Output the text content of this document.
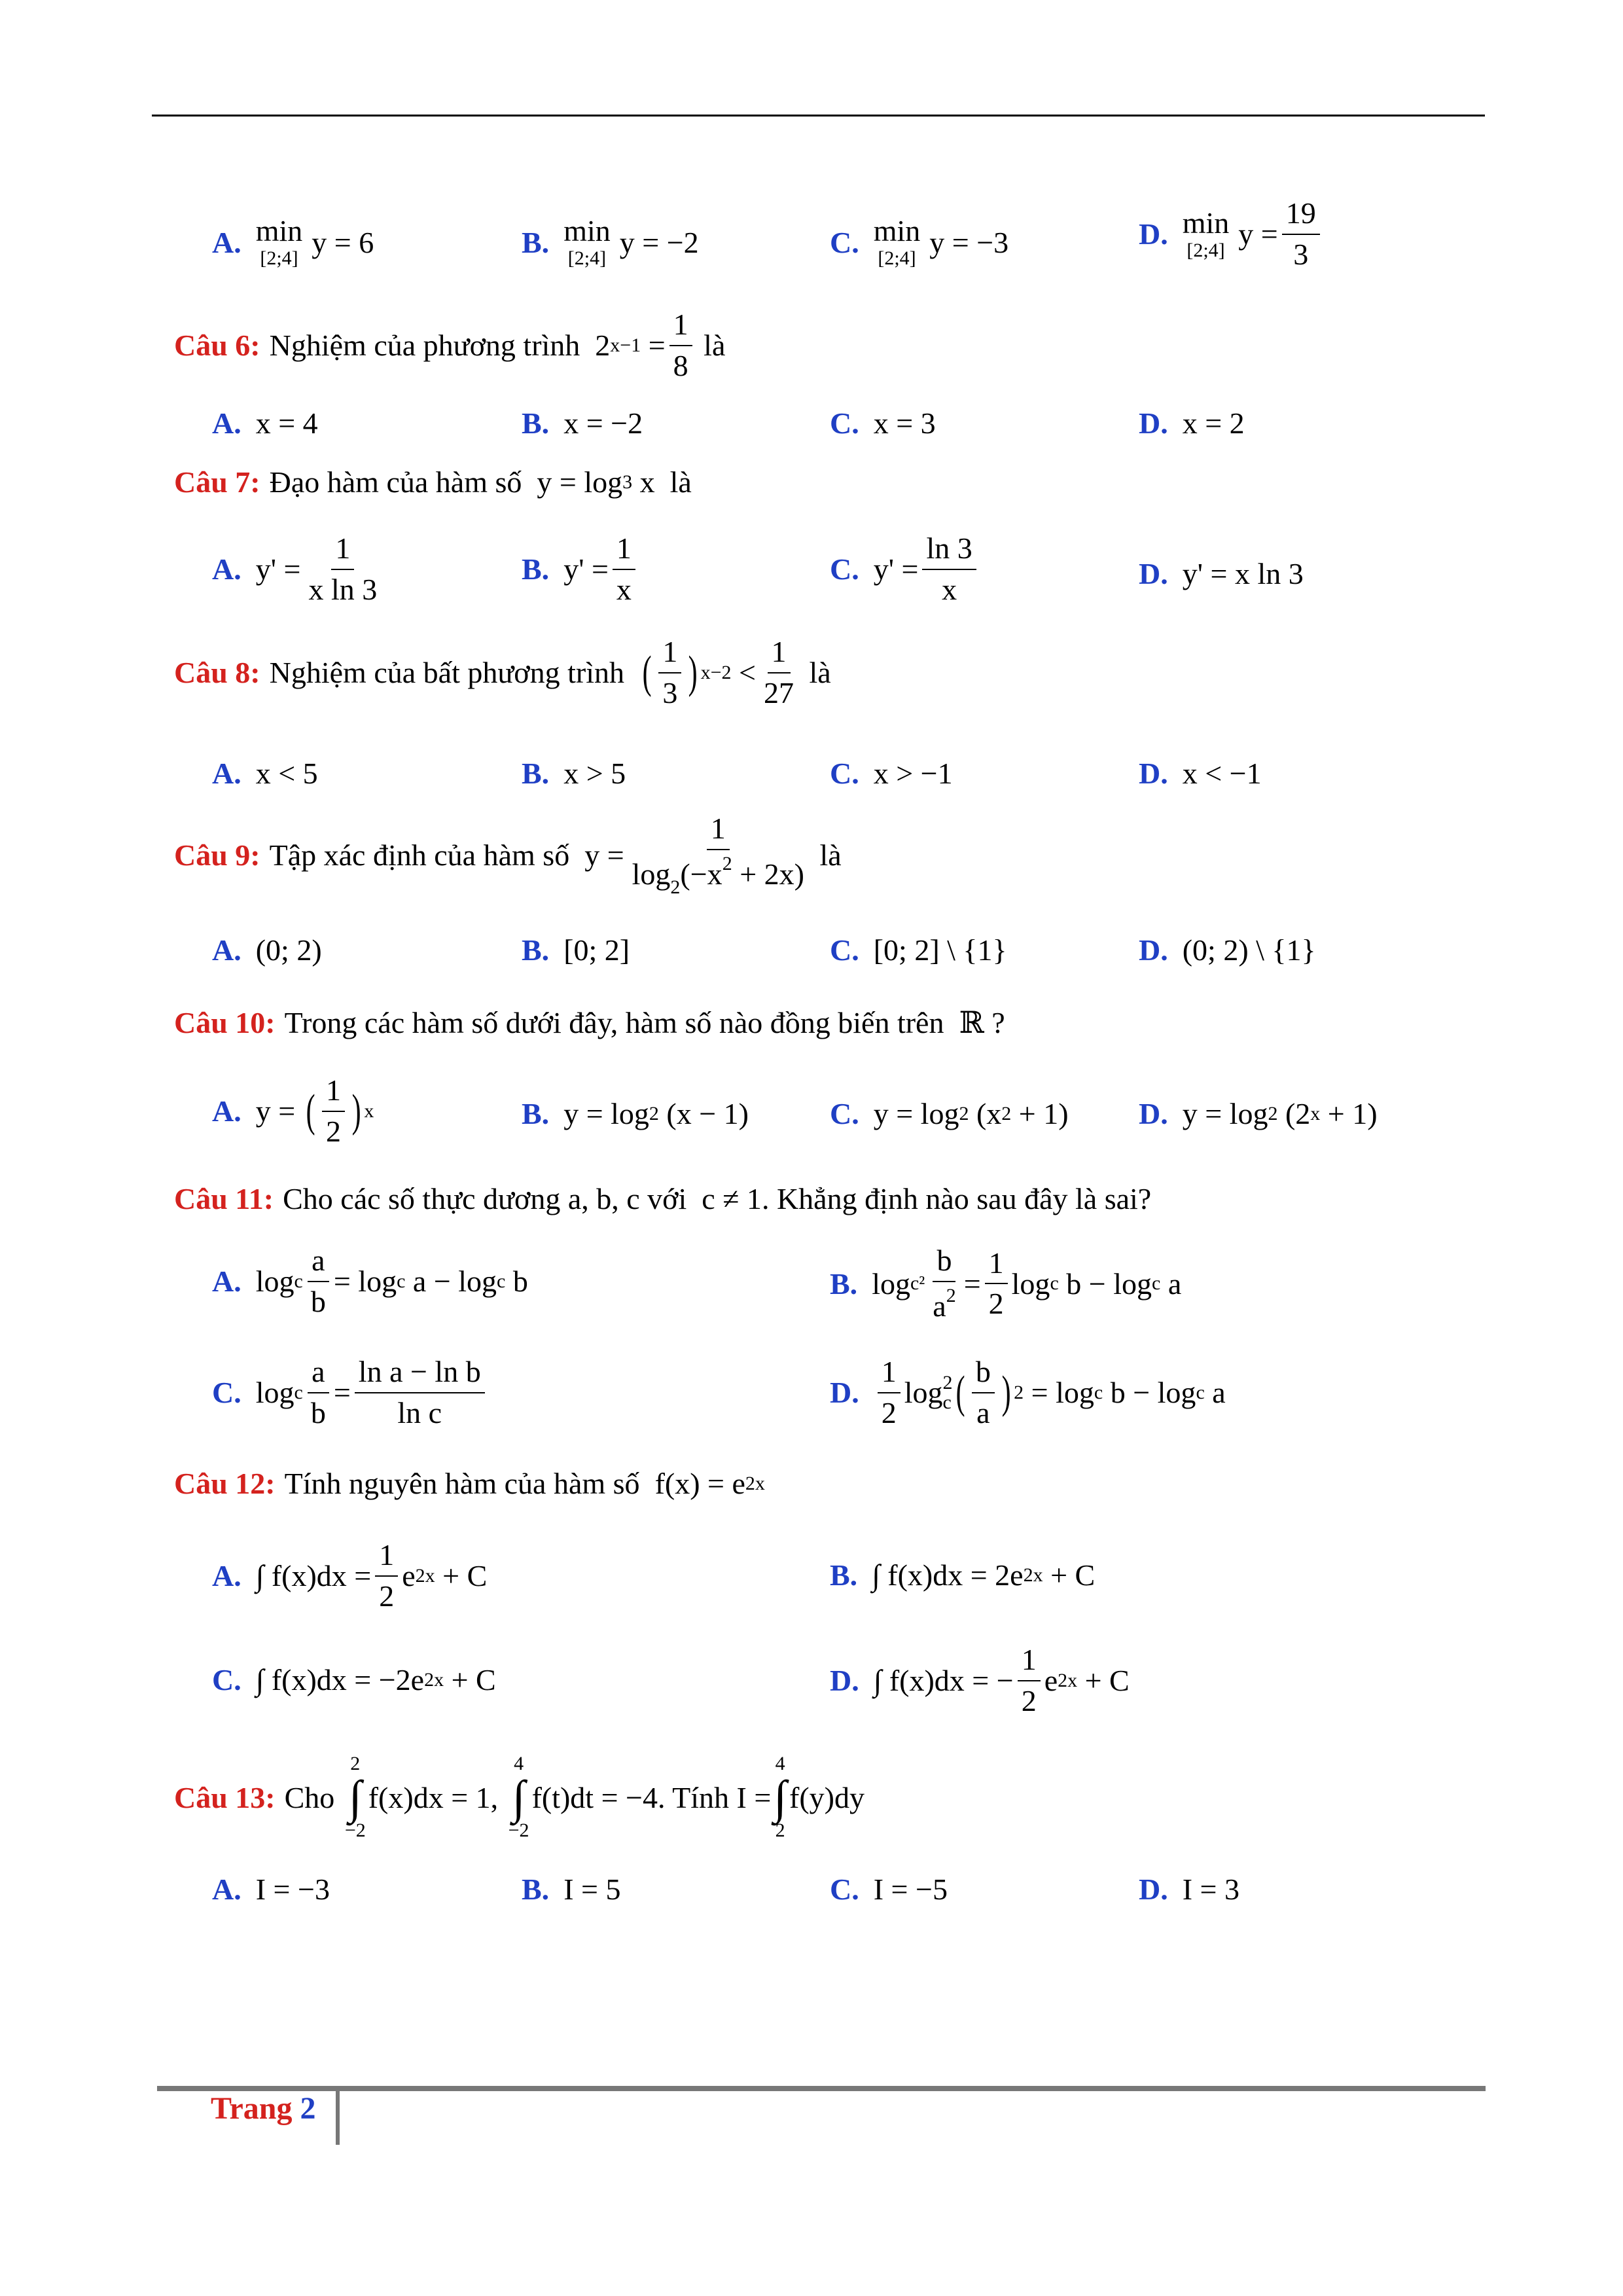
A. min
[2;4] y = 6	B. min
[2;4] y = −2	C. min
[2;4] y = −3	D. min
[2;4] $y = \frac{19}{3}$
Câu 6: Nghiệm của phương trình
2 x−1
= $\frac{1}{8}$
là
A. x = 4	B. x = −2	C. x = 3	D. x = 2
Câu 7: Đạo hàm của hàm số
y = log 3
x
là
A. $y' = \frac{1}{\text{x ln 3}}$	B. $y' = \frac{1}{x}$	C. $y' = \frac{\ln 3}{x}$	D. y' = x ln 3
Câu 8: Nghiệm của bất phương trình
( $\frac{1}{3}$ ) x−2
< $\frac{1}{27}$
là
A. x < 5	B. x > 5	C. x > −1	D. x < −1
Câu 9: Tập xác định của hàm số
$y = \frac{1}{\log_2(-x^2 + 2x)}$
là
A. (0; 2)	B. [0; 2]	C. [0; 2] \ {1}	D. (0; 2) \ {1}
Câu 10: Trong các hàm số dưới đây, hàm số nào đồng biến trên
ℝ
?
A. y =
( $\frac{1}{2}$ ) x	B. y = log 2
(x − 1)	C. y = log 2
(x 2
+ 1) D. y = log 2
(2 x
+ 1)
Câu 11: Cho các số thực dương a, b, c với
c ≠ 1 . Khẳng định nào sau đây là sai?
A. log c $\frac{a}{b} = \log c$
a − log c
b	B. $\log c^2 \frac{b}{a^2} = \frac{1}{2}$ log c
b − log c
a
C. log c $\frac{a}{b} = \frac{\text{ln a − ln b}}{\text{ln c}}$	D. $\frac{1}{2}$ log 2
c ( $\frac{b}{a}$ ) 2
= log c
b − log c
a
Câu 12: Tính nguyên hàm của hàm số
f(x) = e 2x
A. ∫ $f(x)dx = \frac{1}{2}$ e 2x
+ C	B. ∫ f(x)dx = 2e 2x
+ C
C. ∫ f(x)dx = −2e 2x
+ C	D. ∫ f(x)dx = − $\frac{1}{2}$ e 2x
+ C
Câu 13: Cho

2
∫
−2
f(x)dx = 1,

4
∫
−2
f(t)dt = −4 . Tính
I =
4
∫
2
f(y)dy
A. I = −3	B. I = 5	C. I = −5	D. I = 3
Trang 2
